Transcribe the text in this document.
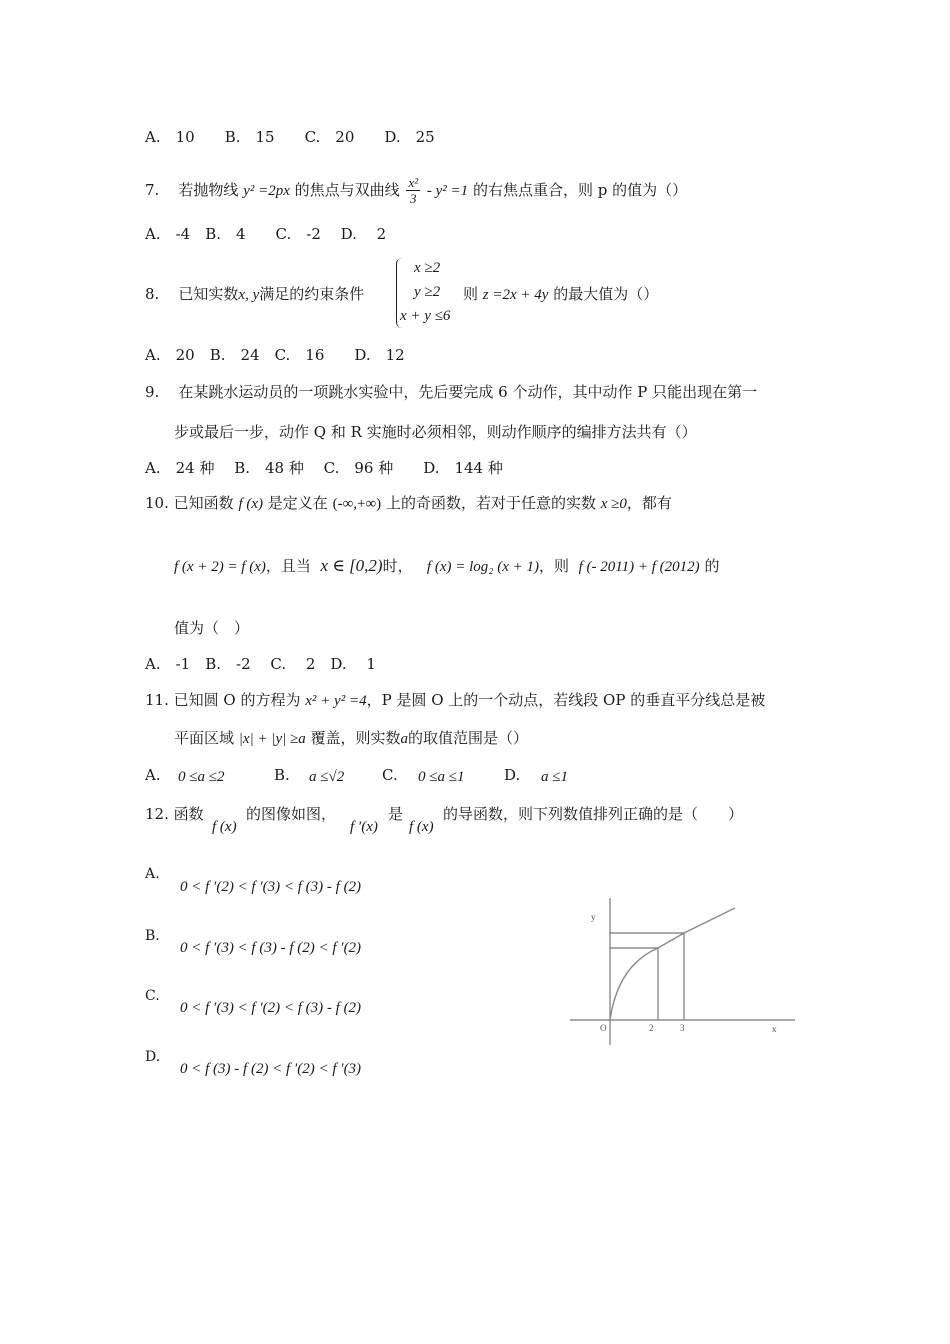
A.　10　　B.　15　　C.　20　　D.　25
7. 若抛物线 y² =2px 的焦点与双曲线 $\frac{\text{x²}}{3} - y^2 =1$ 的右焦点重合，则 p 的值为（）
A.　-4　B.　4　　C.　-2　 D.　 2
8. 已知实数x, y满足的约束条件
x ≥2
y ≥2
x + y ≤6
则 z =2x + 4y 的最大值为（）
A.　20　B.　24　C.　16　　D.　12
9. 在某跳水运动员的一项跳水实验中，先后要完成 6 个动作，其中动作 P 只能出现在第一
步或最后一步，动作 Q 和 R 实施时必须相邻，则动作顺序的编排方法共有（）
A.　24 种　 B.　48 种　 C.　96 种　　D.　144 种
10. 已知函数 f (x) 是定义在 (-∞,+∞) 上的奇函数，若对于任意的实数 x ≥0，都有
f (x + 2) = f (x)，且当 x ∈ [0,2)时， f (x) = log₂ (x + 1)，则 f (- 2011) + f (2012) 的
值为（　）
A.　-1　B.　-2　 C.　 2　D.　 1
11. 已知圆 O 的方程为 x² + y² =4，P 是圆 O 上的一个动点，若线段 OP 的垂直平分线总是被
平面区域 |x| + |y| ≥a 覆盖，则实数a的取值范围是（）
A. 0 ≤a ≤2	B. a ≤√2	C. 0 ≤a ≤1	D. a ≤1
12. 函数
f (x)
的图像如图，
f ′(x)
是
f (x)
的导函数，则下列数值排列正确的是（　　）
A.
0 < f ′(2) < f ′(3) < f (3) - f (2)
B.
0 < f ′(3) < f (3) - f (2) < f ′(2)
C.
0 < f ′(3) < f ′(2) < f (3) - f (2)
D.
0 < f (3) - f (2) < f ′(2) < f ′(3)
y
x
O	2	3
